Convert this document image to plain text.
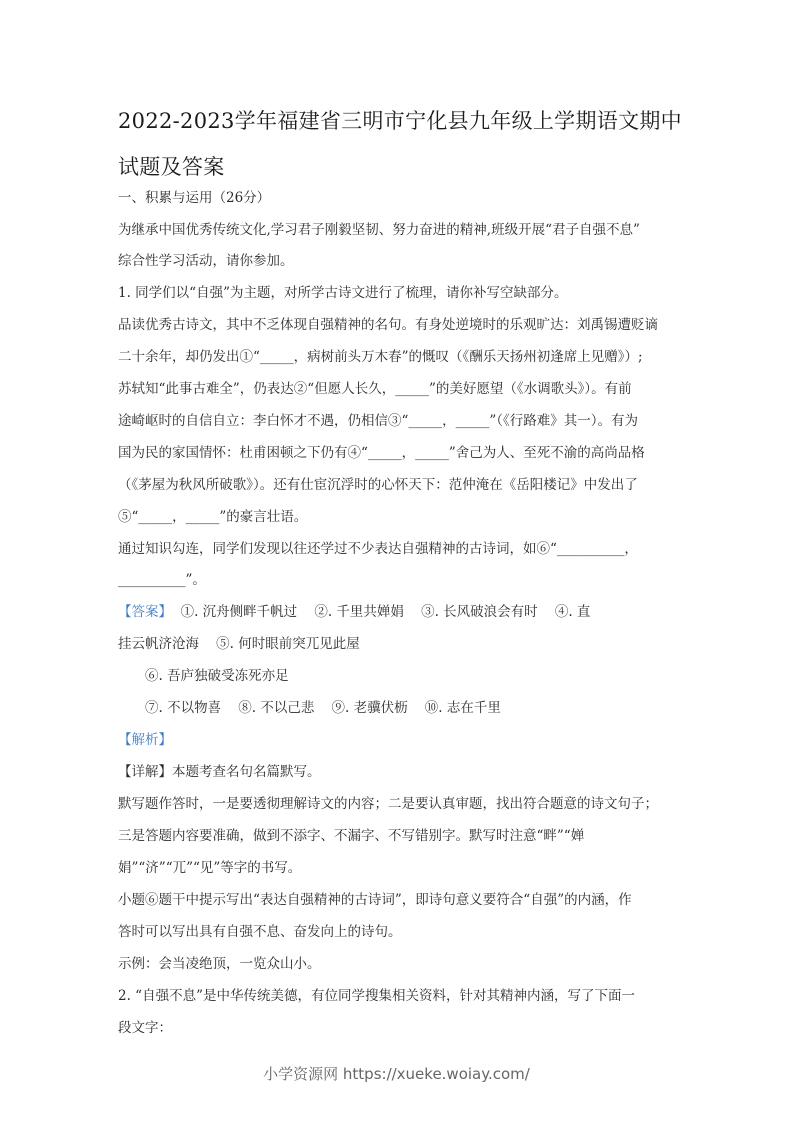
2022-2023学年福建省三明市宁化县九年级上学期语文期中
试题及答案
一、积累与运用（26分）
为继承中国优秀传统文化,学习君子刚毅坚韧、努力奋进的精神,班级开展“君子自强不息”
综合性学习活动，请你参加。
1. 同学们以“自强”为主题，对所学古诗文进行了梳理，请你补写空缺部分。
品读优秀古诗文，其中不乏体现自强精神的名句。有身处逆境时的乐观旷达：刘禹锡遭贬谪
二十余年，却仍发出①“_____，病树前头万木春”的慨叹（《酬乐天扬州初逢席上见赠》）;
苏轼知“此事古难全”，仍表达②“但愿人长久，_____”的美好愿望（《水调歌头》）。有前
途崎岖时的自信自立：李白怀才不遇，仍相信③“_____，_____”（《行路难》其一）。有为
国为民的家国情怀：杜甫困顿之下仍有④“_____，_____”舍己为人、至死不渝的高尚品格
（《茅屋为秋风所破歌》）。还有仕宦沉浮时的心怀天下：范仲淹在《岳阳楼记》中发出了
⑤“_____，_____”的豪言壮语。
通过知识勾连，同学们发现以往还学过不少表达自强精神的古诗词，如⑥“__________，
__________”。
【答案】  ①. 沉舟侧畔千帆过    ②. 千里共婵娟    ③. 长风破浪会有时    ④. 直
挂云帆济沧海    ⑤. 何时眼前突兀见此屋
⑥. 吾庐独破受冻死亦足
⑦. 不以物喜    ⑧. 不以己悲    ⑨. 老骥伏枥    ⑩. 志在千里
【解析】
【详解】本题考查名句名篇默写。
默写题作答时，一是要透彻理解诗文的内容；二是要认真审题，找出符合题意的诗文句子；
三是答题内容要准确，做到不添字、不漏字、不写错别字。默写时注意“畔”“婵
娟”“济”“兀”“见”等字的书写。
小题⑥题干中提示写出“表达自强精神的古诗词”，即诗句意义要符合“自强”的内涵，作
答时可以写出具有自强不息、奋发向上的诗句。
示例：会当凌绝顶，一览众山小。
2. “自强不息”是中华传统美德，有位同学搜集相关资料，针对其精神内涵，写了下面一
段文字：
小学资源网 https://xueke.woiay.com/
